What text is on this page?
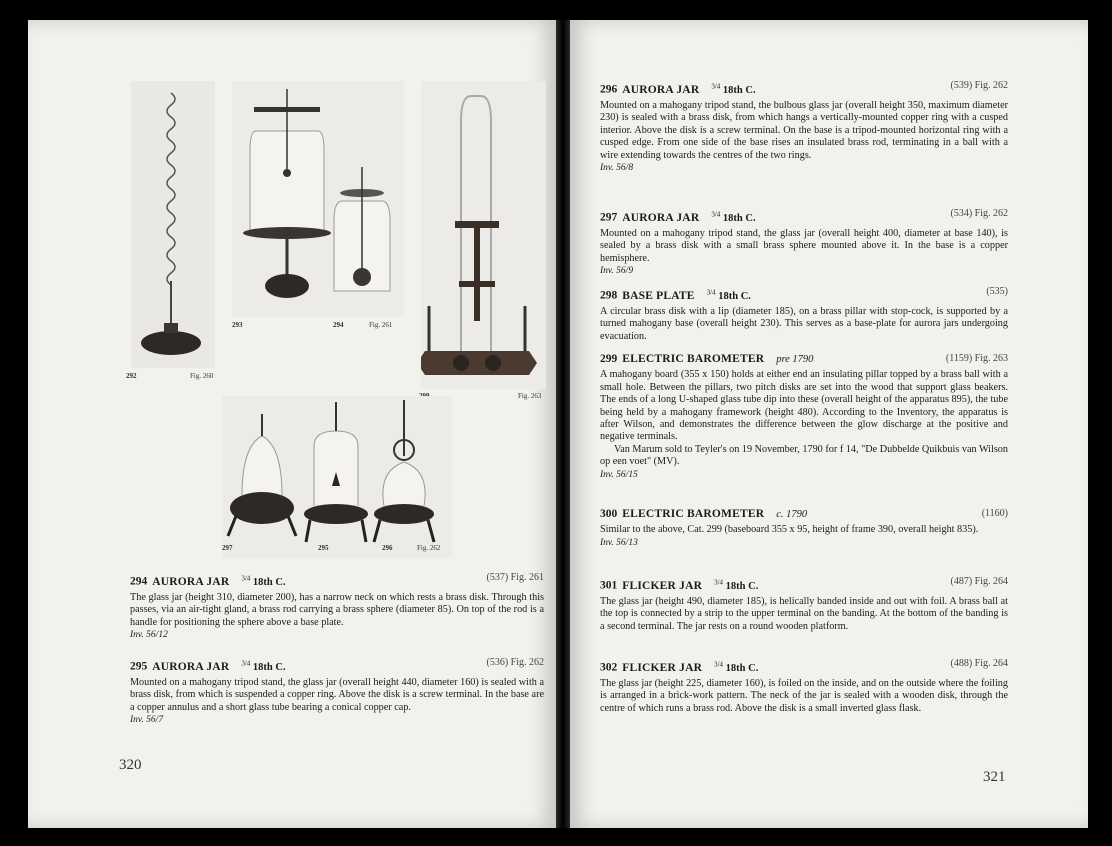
292	Fig. 260
293	294	Fig. 261
Fig. 263
297	295	296	Fig. 262
294 AURORA JAR $^{3/4}$ 18th C.	(537) Fig. 261

The glass jar (height 310, diameter 200), has a narrow neck on which rests a brass disk. Through this passes, via an air-tight gland, a brass rod carrying a brass sphere (diameter 85). On top of the rod is a handle for positioning the sphere above a base plate.

Inv. 56/12
295 AURORA JAR $^{3/4}$ 18th C.	(536) Fig. 262

Mounted on a mahogany tripod stand, the glass jar (overall height 440, diameter 160) is sealed with a brass disk, from which is suspended a copper ring. Above the disk is a screw terminal. In the base are a copper annulus and a short glass tube bearing a conical copper cap.

Inv. 56/7
320
296 AURORA JAR $^{3/4}$ 18th C.	(539) Fig. 262

Mounted on a mahogany tripod stand, the bulbous glass jar (overall height 350, maximum diameter 230) is sealed with a brass disk, from which hangs a vertically-mounted copper ring with a cusped interior. Above the disk is a screw terminal. On the base is a tripod-mounted horizontal ring with a cusped edge. From one side of the base rises an insulated brass rod, terminating in a ball with a wire extending towards the centres of the two rings.

Inv. 56/8
297 AURORA JAR $^{3/4}$ 18th C.	(534) Fig. 262

Mounted on a mahogany tripod stand, the glass jar (overall height 400, diameter at base 140), is sealed by a brass disk with a small brass sphere mounted above it. In the base is a copper hemisphere.

Inv. 56/9
298 BASE PLATE $^{3/4}$ 18th C.	(535)

A circular brass disk with a lip (diameter 185), on a brass pillar with stop-cock, is supported by a turned mahogany base (overall height 230). This serves as a base-plate for aurora jars undergoing evacuation.

299 ELECTRIC BAROMETER pre 1790	(1159) Fig. 263

A mahogany board (355 x 150) holds at either end an insulating pillar topped by a brass ball with a small hole. Between the pillars, two pitch disks are set into the wood that support glass beakers. The ends of a long U-shaped glass tube dip into these (overall height of the apparatus 895), the tube being held by a mahogany framework (height 480). According to the Inventory, the apparatus is after Wilson, and demonstrates the difference between the glow discharge at the positive and negative terminals.

Van Marum sold to Teyler's on 19 November, 1790 for f 14, "De Dubbelde Quikbuis van Wilson op een voet" (MV).

Inv. 56/15
300 ELECTRIC BAROMETER c. 1790	(1160)

Similar to the above, Cat. 299 (baseboard 355 x 95, height of frame 390, overall height 835).

Inv. 56/13
301 FLICKER JAR $^{3/4}$ 18th C.	(487) Fig. 264

The glass jar (height 490, diameter 185), is helically banded inside and out with foil. A brass ball at the top is connected by a strip to the upper terminal on the banding. At the bottom of the banding is a second terminal. The jar rests on a round wooden platform.

302 FLICKER JAR $^{3/4}$ 18th C.	(488) Fig. 264

The glass jar (height 225, diameter 160), is foiled on the inside, and on the outside where the foiling is arranged in a brick-work pattern. The neck of the jar is sealed with a wooden disk, through the centre of which runs a brass rod. Above the disk is a small inverted glass flask.

321
